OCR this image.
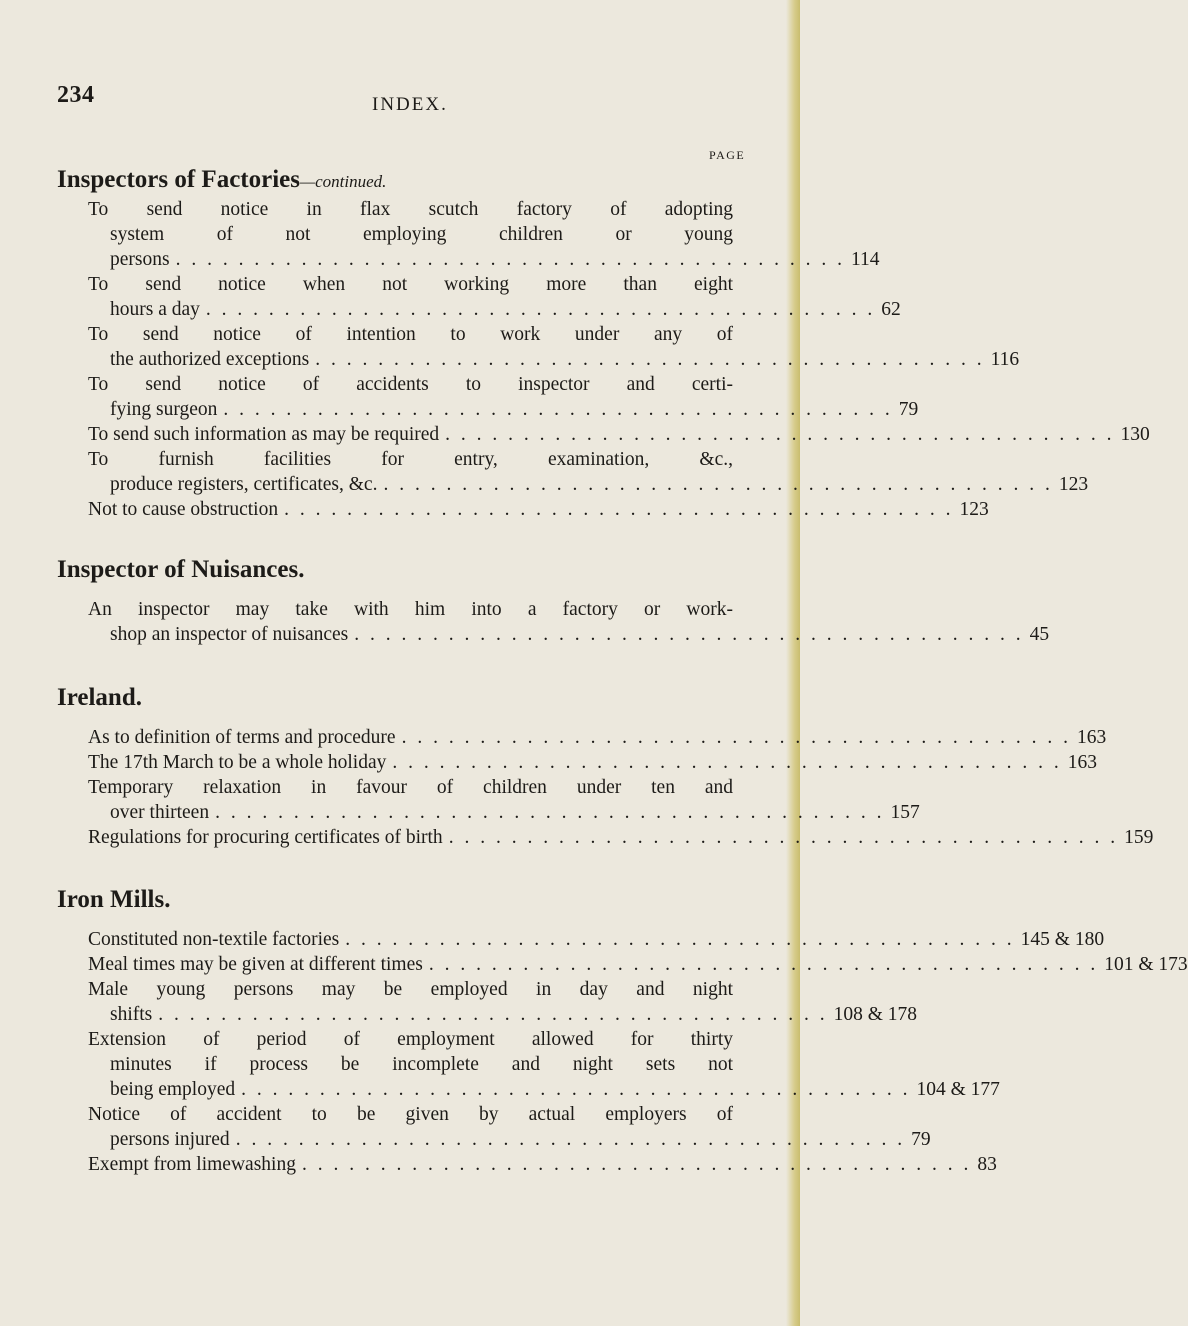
234	INDEX.
PAGE
Inspectors of Factories—continued.
To send notice in flax scutch factory of adopting
system of not employing children or young
persons . . . . . . . . . . . . . . . . . . . . . . . . . . . . . . . . . . . . . . . . . . . 114
To send notice when not working more than eight
hours a day . . . . . . . . . . . . . . . . . . . . . . . . . . . . . . . . . . . . . . . . . . . 62
To send notice of intention to work under any of
the authorized exceptions . . . . . . . . . . . . . . . . . . . . . . . . . . . . . . . . . . . . . . . . . . . 116
To send notice of accidents to inspector and certi-
fying surgeon . . . . . . . . . . . . . . . . . . . . . . . . . . . . . . . . . . . . . . . . . . . 79
To send such information as may be required . . . . . . . . . . . . . . . . . . . . . . . . . . . . . . . . . . . . . . . . . . . 130
To furnish facilities for entry, examination, &c.,
produce registers, certificates, &c. . . . . . . . . . . . . . . . . . . . . . . . . . . . . . . . . . . . . . . . . . . . 123
Not to cause obstruction . . . . . . . . . . . . . . . . . . . . . . . . . . . . . . . . . . . . . . . . . . . 123
Inspector of Nuisances.
An inspector may take with him into a factory or work-
shop an inspector of nuisances . . . . . . . . . . . . . . . . . . . . . . . . . . . . . . . . . . . . . . . . . . . 45
Ireland.
As to definition of terms and procedure . . . . . . . . . . . . . . . . . . . . . . . . . . . . . . . . . . . . . . . . . . . 163
The 17th March to be a whole holiday . . . . . . . . . . . . . . . . . . . . . . . . . . . . . . . . . . . . . . . . . . . 163
Temporary relaxation in favour of children under ten and
over thirteen . . . . . . . . . . . . . . . . . . . . . . . . . . . . . . . . . . . . . . . . . . . 157
Regulations for procuring certificates of birth . . . . . . . . . . . . . . . . . . . . . . . . . . . . . . . . . . . . . . . . . . . 159
Iron Mills.
Constituted non-textile factories . . . . . . . . . . . . . . . . . . . . . . . . . . . . . . . . . . . . . . . . . . . 145 & 180
Meal times may be given at different times . . . . . . . . . . . . . . . . . . . . . . . . . . . . . . . . . . . . . . . . . . . 101 & 173
Male young persons may be employed in day and night
shifts . . . . . . . . . . . . . . . . . . . . . . . . . . . . . . . . . . . . . . . . . . . 108 & 178
Extension of period of employment allowed for thirty
minutes if process be incomplete and night sets not
being employed . . . . . . . . . . . . . . . . . . . . . . . . . . . . . . . . . . . . . . . . . . . 104 & 177
Notice of accident to be given by actual employers of
persons injured . . . . . . . . . . . . . . . . . . . . . . . . . . . . . . . . . . . . . . . . . . . 79
Exempt from limewashing . . . . . . . . . . . . . . . . . . . . . . . . . . . . . . . . . . . . . . . . . . . 83
